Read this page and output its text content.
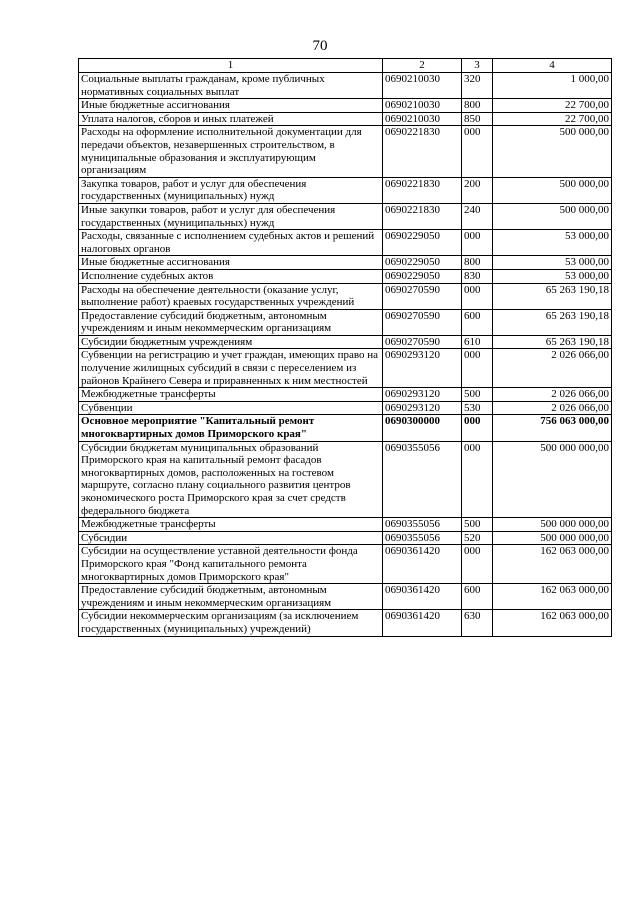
70
1	2	3	4
Социальные выплаты гражданам, кроме публичных нормативных социальных выплат	0690210030	320	1 000,00
Иные бюджетные ассигнования	0690210030	800	22 700,00
Уплата налогов, сборов и иных платежей	0690210030	850	22 700,00
Расходы на оформление исполнительной документации для передачи объектов, незавершенных строительством, в муниципальные образования и эксплуатирующим организациям	0690221830	000	500 000,00
Закупка товаров, работ и услуг для обеспечения государственных (муниципальных) нужд	0690221830	200	500 000,00
Иные закупки товаров, работ и услуг для обеспечения государственных (муниципальных) нужд	0690221830	240	500 000,00
Расходы, связанные с исполнением судебных актов и решений налоговых органов	0690229050	000	53 000,00
Иные бюджетные ассигнования	0690229050	800	53 000,00
Исполнение судебных актов	0690229050	830	53 000,00
Расходы на обеспечение деятельности (оказание услуг, выполнение работ) краевых государственных учреждений	0690270590	000	65 263 190,18
Предоставление субсидий бюджетным, автономным учреждениям и иным некоммерческим организациям	0690270590	600	65 263 190,18
Субсидии бюджетным учреждениям	0690270590	610	65 263 190,18
Субвенции на регистрацию и учет граждан, имеющих право на получение жилищных субсидий в связи с переселением из районов Крайнего Севера и приравненных к ним местностей	0690293120	000	2 026 066,00
Межбюджетные трансферты	0690293120	500	2 026 066,00
Субвенции	0690293120	530	2 026 066,00
Основное мероприятие "Капитальный ремонт многоквартирных домов Приморского края"	0690300000	000	756 063 000,00
Субсидии бюджетам муниципальных образований Приморского края на капитальный ремонт фасадов многоквартирных домов, расположенных на гостевом маршруте, согласно плану социального развития центров экономического роста Приморского края за счет средств федерального бюджета	0690355056	000	500 000 000,00
Межбюджетные трансферты	0690355056	500	500 000 000,00
Субсидии	0690355056	520	500 000 000,00
Субсидии на осуществление уставной деятельности фонда Приморского края "Фонд капитального ремонта многоквартирных домов Приморского края"	0690361420	000	162 063 000,00
Предоставление субсидий бюджетным, автономным учреждениям и иным некоммерческим организациям	0690361420	600	162 063 000,00
Субсидии некоммерческим организациям (за исключением государственных (муниципальных) учреждений)	0690361420	630	162 063 000,00
